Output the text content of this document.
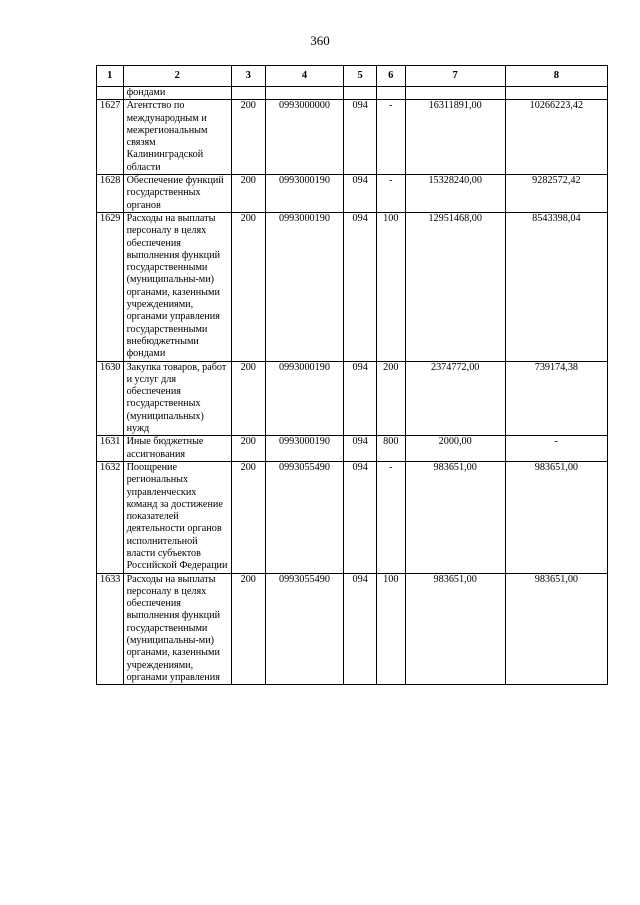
360
1	2	3	4	5	6	7	8
	фондами						
1627	Агентство по международным и межрегиональным связям Калининградской области	200	0993000000	094	-	16311891,00	10266223,42
1628	Обеспечение функций государственных органов	200	0993000190	094	-	15328240,00	9282572,42
1629	Расходы на выплаты персоналу в целях обеспечения выполнения функций государственными (муниципальны-ми) органами, казенными учреждениями, органами управления государственными внебюджетными фондами	200	0993000190	094	100	12951468,00	8543398,04
1630	Закупка товаров, работ и услуг для обеспечения государственных (муниципальных) нужд	200	0993000190	094	200	2374772,00	739174,38
1631	Иные бюджетные ассигнования	200	0993000190	094	800	2000,00	-
1632	Поощрение региональных управленческих команд за достижение показателей деятельности органов исполнительной власти субъектов Российской Федерации	200	0993055490	094	-	983651,00	983651,00
1633	Расходы на выплаты персоналу в целях обеспечения выполнения функций государственными (муниципальны-ми) органами, казенными учреждениями, органами управления	200	0993055490	094	100	983651,00	983651,00
